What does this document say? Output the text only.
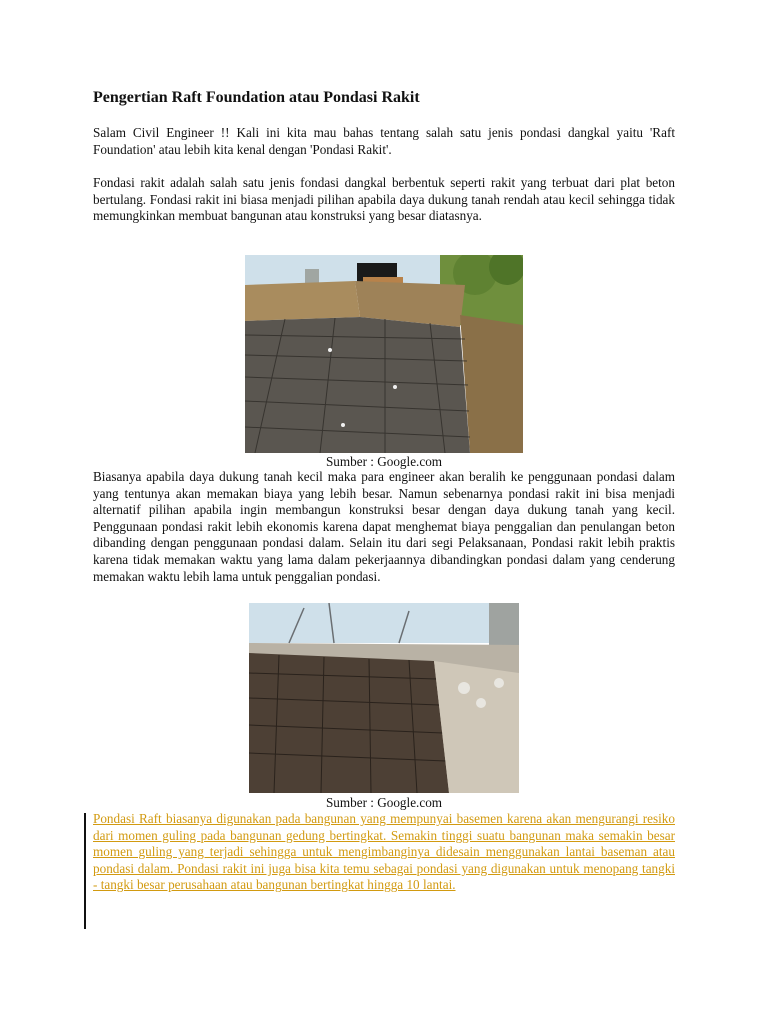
Pengertian Raft Foundation atau Pondasi Rakit

Salam Civil Engineer !! Kali ini kita mau bahas tentang salah satu jenis pondasi dangkal yaitu 'Raft Foundation' atau lebih kita kenal dengan 'Pondasi Rakit'.

Fondasi rakit adalah salah satu jenis fondasi dangkal berbentuk seperti rakit yang terbuat dari plat beton bertulang. Fondasi rakit ini biasa menjadi pilihan apabila daya dukung tanah rendah atau kecil sehingga tidak memungkinkan membuat bangunan atau konstruksi yang besar diatasnya.

Sumber : Google.com

Biasanya apabila daya dukung tanah kecil maka para engineer akan beralih ke penggunaan pondasi dalam yang tentunya akan memakan biaya yang lebih besar. Namun sebenarnya pondasi rakit ini bisa menjadi alternatif pilihan apabila ingin membangun konstruksi besar dengan daya dukung tanah yang kecil. Penggunaan pondasi rakit lebih ekonomis karena dapat menghemat biaya penggalian dan penulangan beton dibanding dengan penggunaan pondasi dalam. Selain itu dari segi Pelaksanaan, Pondasi rakit lebih praktis karena tidak memakan waktu yang lama dalam pekerjaannya dibandingkan pondasi dalam yang cenderung memakan waktu lebih lama untuk penggalian pondasi.

Sumber : Google.com

Pondasi Raft biasanya digunakan pada bangunan yang mempunyai basemen karena akan mengurangi resiko dari momen guling pada bangunan gedung bertingkat. Semakin tinggi suatu bangunan maka semakin besar momen guling yang terjadi sehingga untuk mengimbanginya didesain menggunakan lantai baseman atau pondasi dalam. Pondasi rakit ini juga bisa kita temu sebagai pondasi yang digunakan untuk menopang tangki - tangki besar perusahaan atau bangunan bertingkat hingga 10 lantai.
